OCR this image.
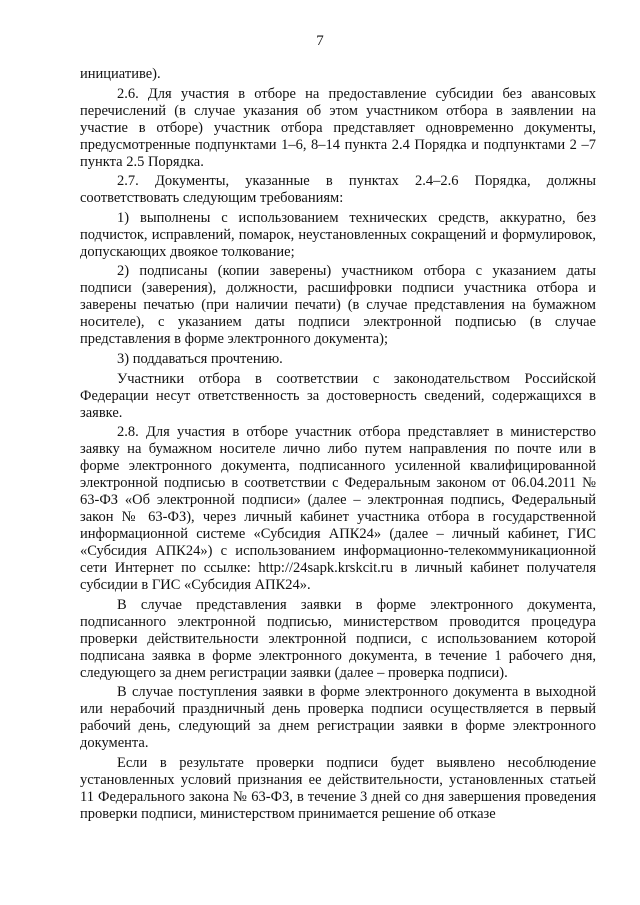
7

инициативе).

2.6. Для участия в отборе на предоставление субсидии без авансовых перечислений (в случае указания об этом участником отбора в заявлении на участие в отборе) участник отбора представляет одновременно документы, предусмотренные подпунктами 1–6, 8–14 пункта 2.4 Порядка и подпунктами 2 –7 пункта 2.5 Порядка.

2.7. Документы, указанные в пунктах 2.4–2.6 Порядка, должны соответствовать следующим требованиям:

1) выполнены с использованием технических средств, аккуратно, без подчисток, исправлений, помарок, неустановленных сокращений и формулировок, допускающих двоякое толкование;

2) подписаны (копии заверены) участником отбора с указанием даты подписи (заверения), должности, расшифровки подписи участника отбора и заверены печатью (при наличии печати) (в случае представления на бумажном носителе), с указанием даты подписи электронной подписью (в случае представления в форме электронного документа);

3) поддаваться прочтению.

Участники отбора в соответствии с законодательством Российской Федерации несут ответственность за достоверность сведений, содержащихся в заявке.

2.8. Для участия в отборе участник отбора представляет в министерство заявку на бумажном носителе лично либо путем направления по почте или в форме электронного документа, подписанного усиленной квалифицированной электронной подписью в соответствии с Федеральным законом от 06.04.2011 № 63-ФЗ «Об электронной подписи» (далее – электронная подпись, Федеральный закон № 63-ФЗ), через личный кабинет участника отбора в государственной информационной системе «Субсидия АПК24» (далее – личный кабинет, ГИС «Субсидия АПК24») с использованием информационно-телекоммуникационной сети Интернет по ссылке: http://24sapk.krskcit.ru в личный кабинет получателя субсидии в ГИС «Субсидия АПК24».

В случае представления заявки в форме электронного документа, подписанного электронной подписью, министерством проводится процедура проверки действительности электронной подписи, с использованием которой подписана заявка в форме электронного документа, в течение 1 рабочего дня, следующего за днем регистрации заявки (далее – проверка подписи).

В случае поступления заявки в форме электронного документа в выходной или нерабочий праздничный день проверка подписи осуществляется в первый рабочий день, следующий за днем регистрации заявки в форме электронного документа.

Если в результате проверки подписи будет выявлено несоблюдение установленных условий признания ее действительности, установленных статьей 11 Федерального закона № 63-ФЗ, в течение 3 дней со дня завершения проведения проверки подписи, министерством принимается решение об отказе
